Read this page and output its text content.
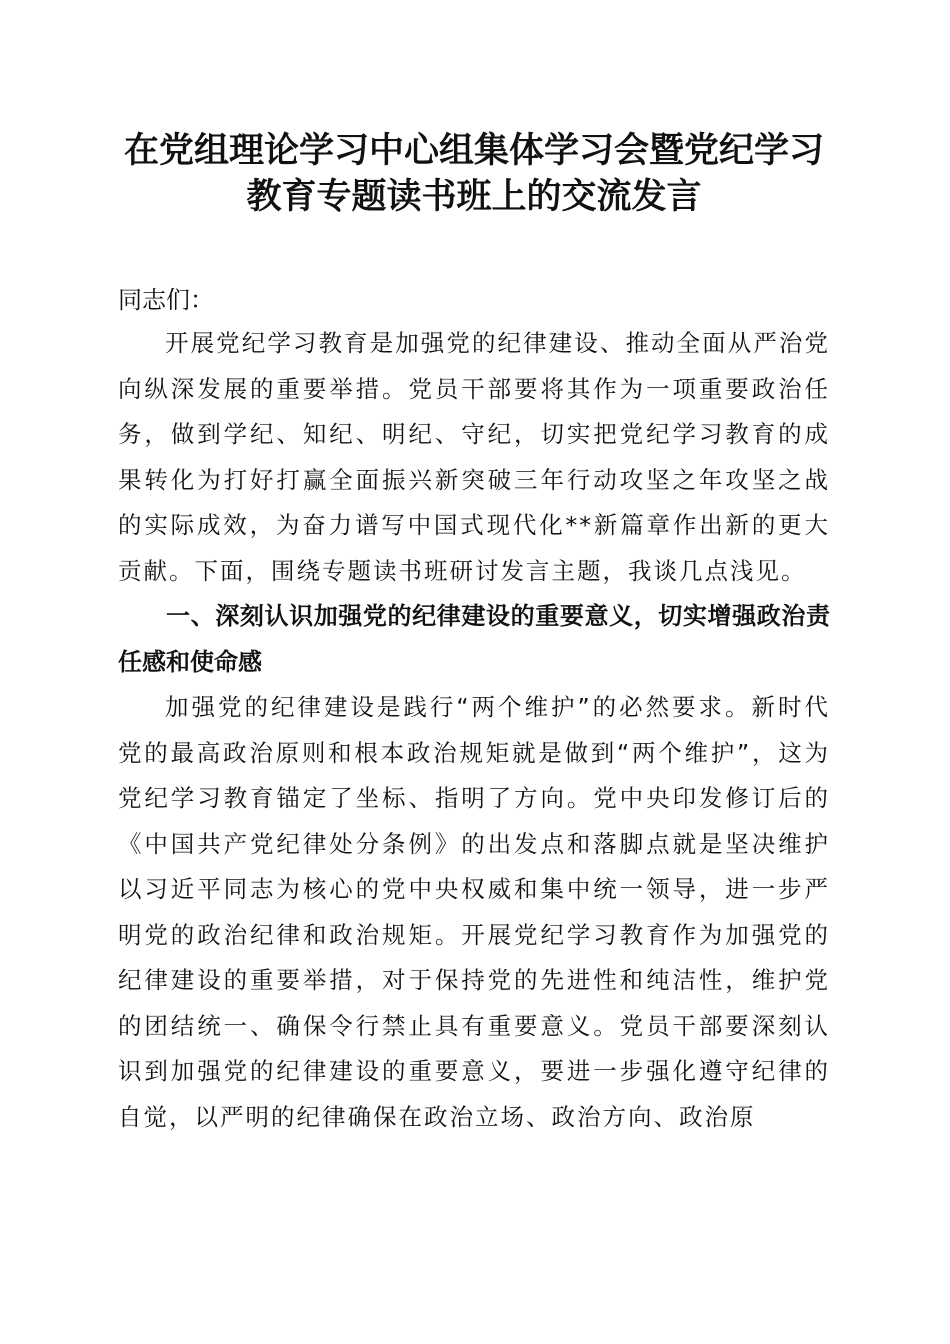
在党组理论学习中心组集体学习会暨党纪学习
教育专题读书班上的交流发言

同志们：

开展党纪学习教育是加强党的纪律建设、推动全面从严治党向纵深发展的重要举措。党员干部要将其作为一项重要政治任务，做到学纪、知纪、明纪、守纪，切实把党纪学习教育的成果转化为打好打赢全面振兴新突破三年行动攻坚之年攻坚之战的实际成效，为奋力谱写中国式现代化**新篇章作出新的更大贡献。下面，围绕专题读书班研讨发言主题，我谈几点浅见。

一、深刻认识加强党的纪律建设的重要意义，切实增强政治责任感和使命感

加强党的纪律建设是践行“两个维护”的必然要求。新时代党的最高政治原则和根本政治规矩就是做到“两个维护”，这为党纪学习教育锚定了坐标、指明了方向。党中央印发修订后的《中国共产党纪律处分条例》的出发点和落脚点就是坚决维护以习近平同志为核心的党中央权威和集中统一领导，进一步严明党的政治纪律和政治规矩。开展党纪学习教育作为加强党的纪律建设的重要举措，对于保持党的先进性和纯洁性，维护党的团结统一、确保令行禁止具有重要意义。党员干部要深刻认识到加强党的纪律建设的重要意义，要进一步强化遵守纪律的自觉，以严明的纪律确保在政治立场、政治方向、政治原
